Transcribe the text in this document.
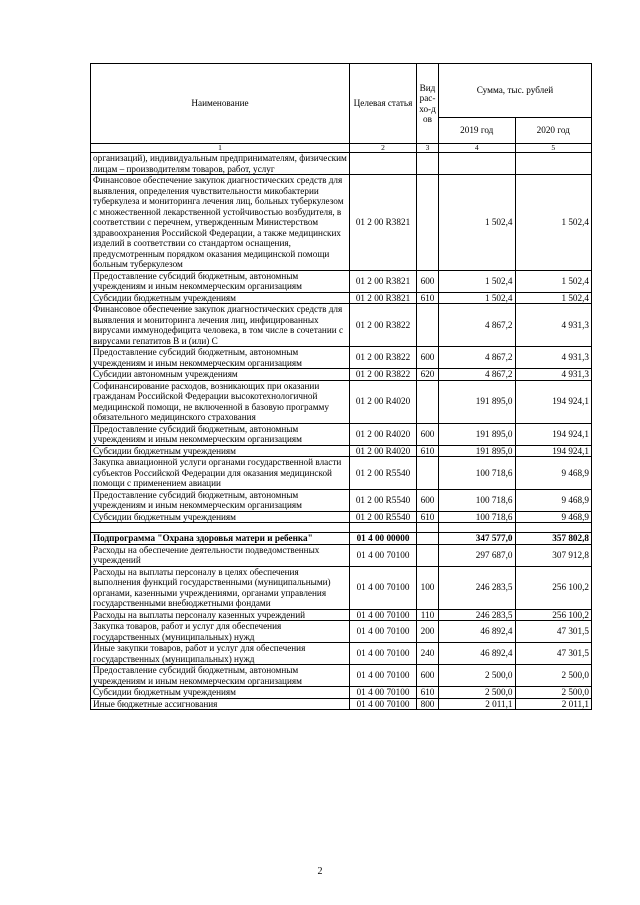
Наименование	Целевая статья	Вид рас-хо-дов	Сумма, тыс. рублей	
			2019 год	2020 год
1	2	3	4	5
организаций), индивидуальным предпринимателям, физическим лицам – производителям товаров, работ, услуг				
Финансовое обеспечение закупок диагностических средств для выявления, определения чувствительности микобактерии туберкулеза и мониторинга лечения лиц, больных туберкулезом с множественной лекарственной устойчивостью возбудителя, в соответствии с перечнем, утвержденным Министерством здравоохранения Российской Федерации, а также медицинских изделий в соответствии со стандартом оснащения, предусмотренным порядком оказания медицинской помощи больным туберкулезом	01 2 00 R3821		1 502,4	1 502,4
Предоставление субсидий бюджетным, автономным учреждениям и иным некоммерческим организациям	01 2 00 R3821	600	1 502,4	1 502,4
Субсидии бюджетным учреждениям	01 2 00 R3821	610	1 502,4	1 502,4
Финансовое обеспечение закупок диагностических средств для выявления и мониторинга лечения лиц, инфицированных вирусами иммунодефицита человека, в том числе в сочетании с вирусами гепатитов В и (или) С	01 2 00 R3822		4 867,2	4 931,3
Предоставление субсидий бюджетным, автономным учреждениям и иным некоммерческим организациям	01 2 00 R3822	600	4 867,2	4 931,3
Субсидии автономным учреждениям	01 2 00 R3822	620	4 867,2	4 931,3
Софинансирование расходов, возникающих при оказании гражданам Российской Федерации высокотехнологичной медицинской помощи, не включенной в базовую программу обязательного медицинского страхования	01 2 00 R4020		191 895,0	194 924,1
Предоставление субсидий бюджетным, автономным учреждениям и иным некоммерческим организациям	01 2 00 R4020	600	191 895,0	194 924,1
Субсидии бюджетным учреждениям	01 2 00 R4020	610	191 895,0	194 924,1
Закупка авиационной услуги органами государственной власти субъектов Российской Федерации для оказания медицинской помощи с применением авиации	01 2 00 R5540		100 718,6	9 468,9
Предоставление субсидий бюджетным, автономным учреждениям и иным некоммерческим организациям	01 2 00 R5540	600	100 718,6	9 468,9
Субсидии бюджетным учреждениям	01 2 00 R5540	610	100 718,6	9 468,9

Подпрограмма "Охрана здоровья матери и ребенка"	01 4 00 00000		347 577,0	357 802,8
Расходы на обеспечение деятельности подведомственных учреждений	01 4 00 70100		297 687,0	307 912,8
Расходы на выплаты персоналу в целях обеспечения выполнения функций государственными (муниципальными) органами, казенными учреждениями, органами управления государственными внебюджетными фондами	01 4 00 70100	100	246 283,5	256 100,2
Расходы на выплаты персоналу казенных учреждений	01 4 00 70100	110	246 283,5	256 100,2
Закупка товаров, работ и услуг для обеспечения государственных (муниципальных) нужд	01 4 00 70100	200	46 892,4	47 301,5
Иные закупки товаров, работ и услуг для обеспечения государственных (муниципальных) нужд	01 4 00 70100	240	46 892,4	47 301,5
Предоставление субсидий бюджетным, автономным учреждениям и иным некоммерческим организациям	01 4 00 70100	600	2 500,0	2 500,0
Субсидии бюджетным учреждениям	01 4 00 70100	610	2 500,0	2 500,0
Иные бюджетные ассигнования	01 4 00 70100	800	2 011,1	2 011,1
2
